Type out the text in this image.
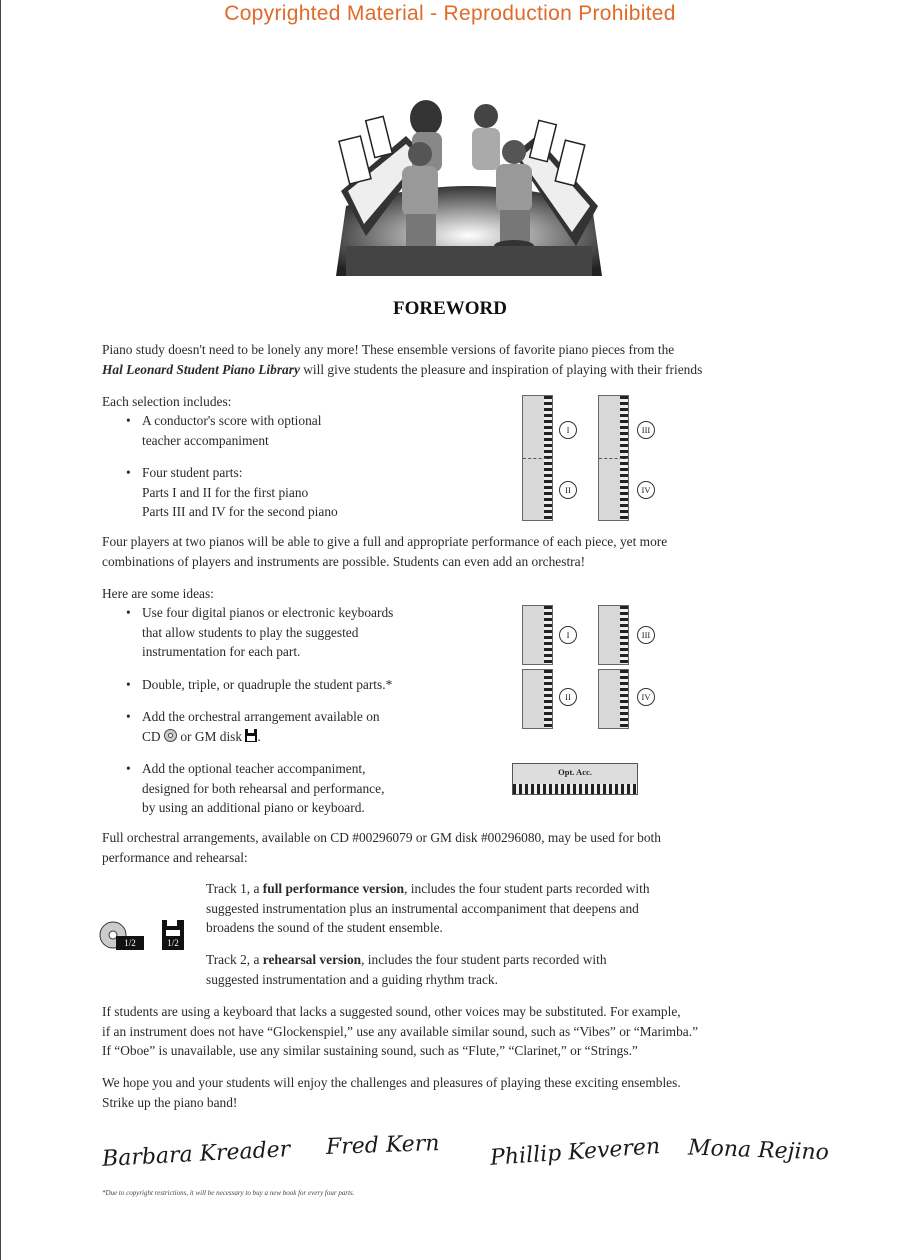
Copyrighted Material - Reproduction Prohibited
FOREWORD
Piano study doesn't need to be lonely any more! These ensemble versions of favorite piano pieces from the
Hal Leonard Student Piano Library will give students the pleasure and inspiration of playing with their friends
Each selection includes:
• A conductor's score with optional
teacher accompaniment
• Four student parts:
Parts I and II for the first piano
Parts III and IV for the second piano
I
II
III
IV
Four players at two pianos will be able to give a full and appropriate performance of each piece, yet more
combinations of players and instruments are possible. Students can even add an orchestra!
Here are some ideas:
• Use four digital pianos or electronic keyboards
that allow students to play the suggested
instrumentation for each part.
• Double, triple, or quadruple the student parts.*
• Add the orchestral arrangement available on
CD or GM disk .
• Add the optional teacher accompaniment,
designed for both rehearsal and performance,
by using an additional piano or keyboard.
I
II
III
IV
Opt. Acc.
Full orchestral arrangements, available on CD #00296079 or GM disk #00296080, may be used for both
performance and rehearsal:
1/2	1/2
Track 1, a full performance version, includes the four student parts recorded with
suggested instrumentation plus an instrumental accompaniment that deepens and
broadens the sound of the student ensemble.
Track 2, a rehearsal version, includes the four student parts recorded with
suggested instrumentation and a guiding rhythm track.
If students are using a keyboard that lacks a suggested sound, other voices may be substituted. For example,
if an instrument does not have “Glockenspiel,” use any available similar sound, such as “Vibes” or “Marimba.”
If “Oboe” is unavailable, use any similar sustaining sound, such as “Flute,” “Clarinet,” or “Strings.”
We hope you and your students will enjoy the challenges and pleasures of playing these exciting ensembles.
Strike up the piano band!
Barbara Kreader Fred Kern Phillip Keveren Mona Rejino
*Due to copyright restrictions, it will be necessary to buy a new book for every four parts.
